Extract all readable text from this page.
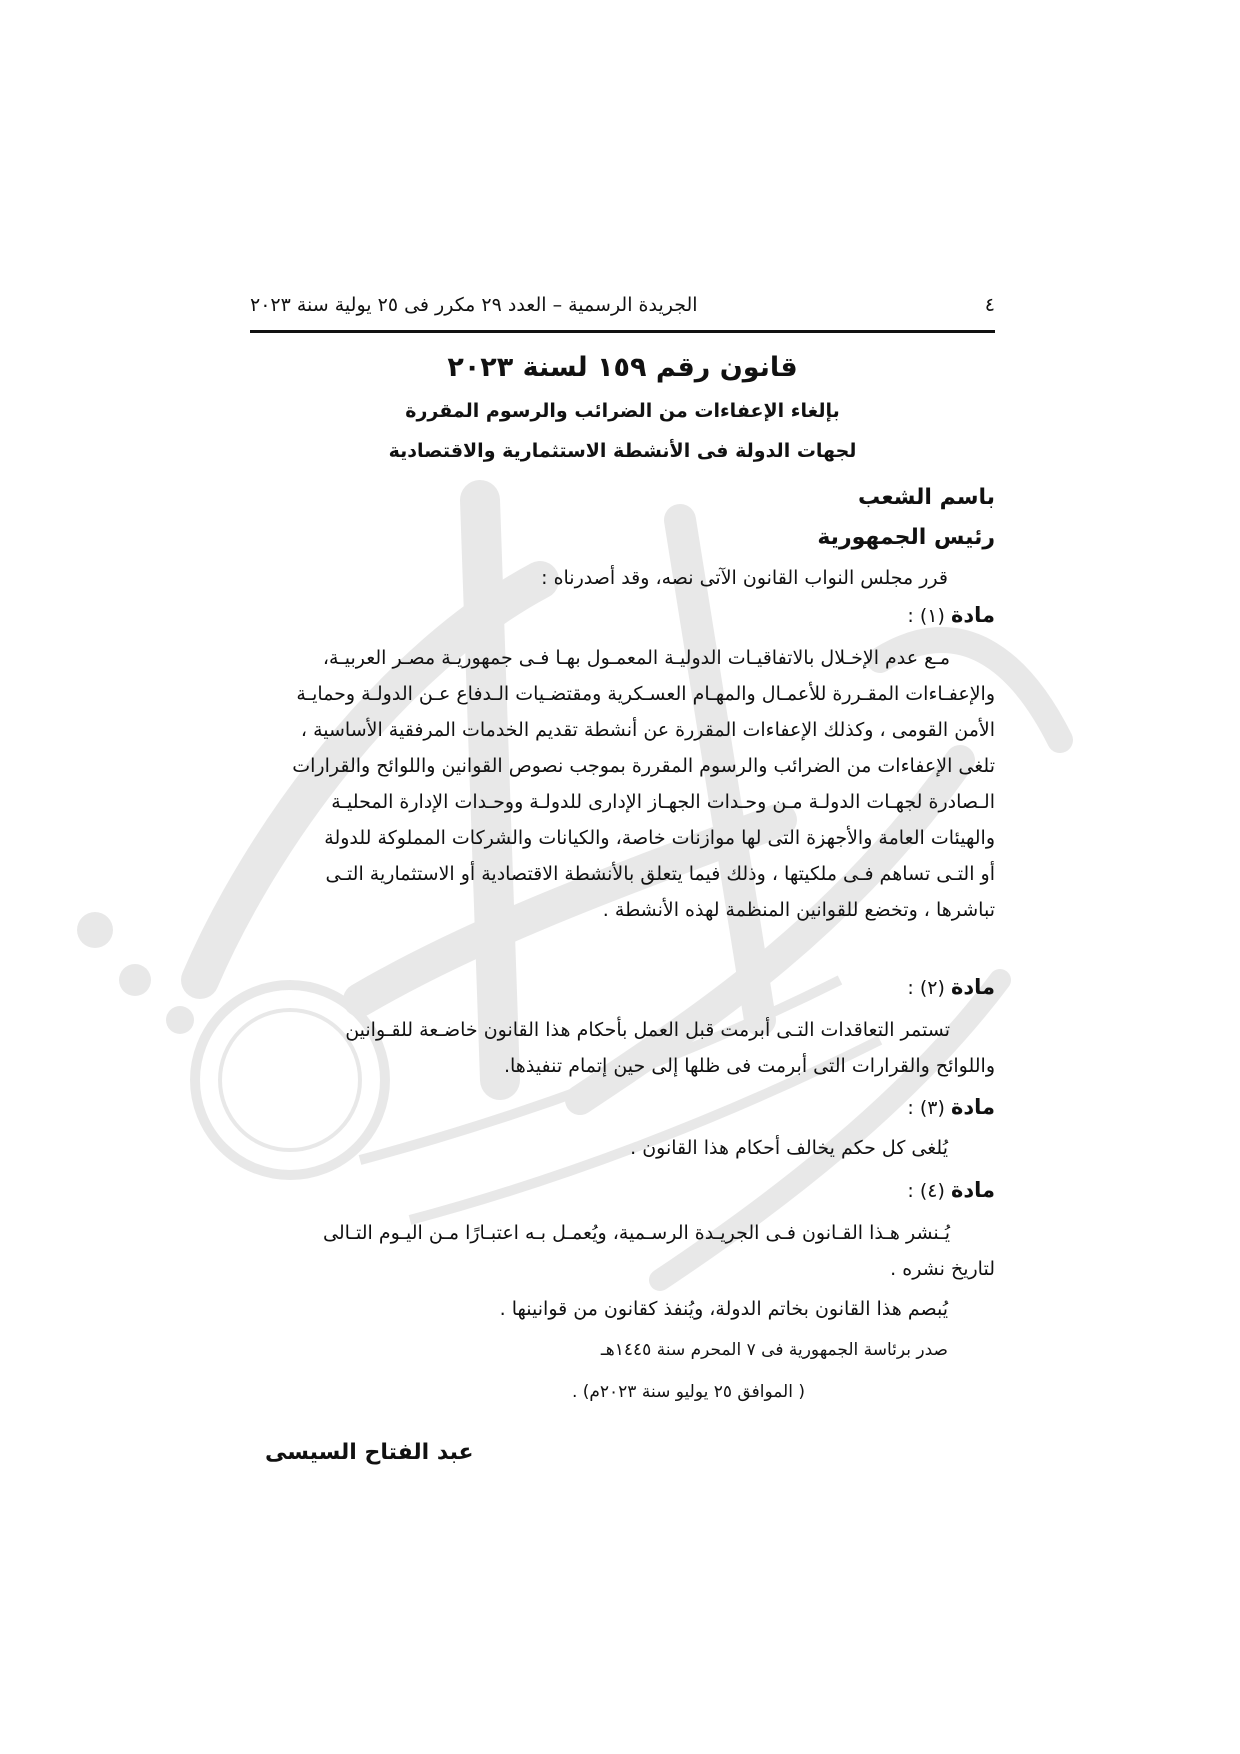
٤
الجريدة الرسمية – العدد ٢٩ مكرر فى ٢٥ يولية سنة ٢٠٢٣
قانون رقم ١٥٩ لسنة ٢٠٢٣
بإلغاء الإعفاءات من الضرائب والرسوم المقررة
لجهات الدولة فى الأنشطة الاستثمارية والاقتصادية
باسم الشعب
رئيس الجمهورية
قرر مجلس النواب القانون الآتى نصه، وقد أصدرناه :
مادة (١) :
مـع عدم الإخـلال بالاتفاقيـات الدوليـة المعمـول بهـا فـى جمهوريـة مصـر العربيـة،
والإعفـاءات المقـررة للأعمـال والمهـام العسـكرية ومقتضـيات الـدفاع عـن الدولـة وحمايـة
الأمن القومى ، وكذلك الإعفاءات المقررة عن أنشطة تقديم الخدمات المرفقية الأساسية ،
تلغى الإعفاءات من الضرائب والرسوم المقررة بموجب نصوص القوانين واللوائح والقرارات
الـصادرة لجهـات الدولـة مـن وحـدات الجهـاز الإدارى للدولـة ووحـدات الإدارة المحليـة
والهيئات العامة والأجهزة التى لها موازنات خاصة، والكيانات والشركات المملوكة للدولة
أو التـى تساهم فـى ملكيتها ، وذلك فيما يتعلق بالأنشطة الاقتصادية أو الاستثمارية التـى
تباشرها ، وتخضع للقوانين المنظمة لهذه الأنشطة .
مادة (٢) :
تستمر التعاقدات التـى أبرمت قبل العمل بأحكام هذا القانون خاضـعة للقـوانين
واللوائح والقرارات التى أبرمت فى ظلها إلى حين إتمام تنفيذها.
مادة (٣) :
يُلغى كل حكم يخالف أحكام هذا القانون .
مادة (٤) :
يُـنشر هـذا القـانون فـى الجريـدة الرسـمية، ويُعمـل بـه اعتبـارًا مـن اليـوم التـالى
لتاريخ نشره .
يُبصم هذا القانون بخاتم الدولة، ويُنفذ كقانون من قوانينها .
صدر برئاسة الجمهورية فى ٧ المحرم سنة ١٤٤٥هـ
( الموافق ٢٥ يوليو سنة ٢٠٢٣م) .
عبد الفتاح السيسى
